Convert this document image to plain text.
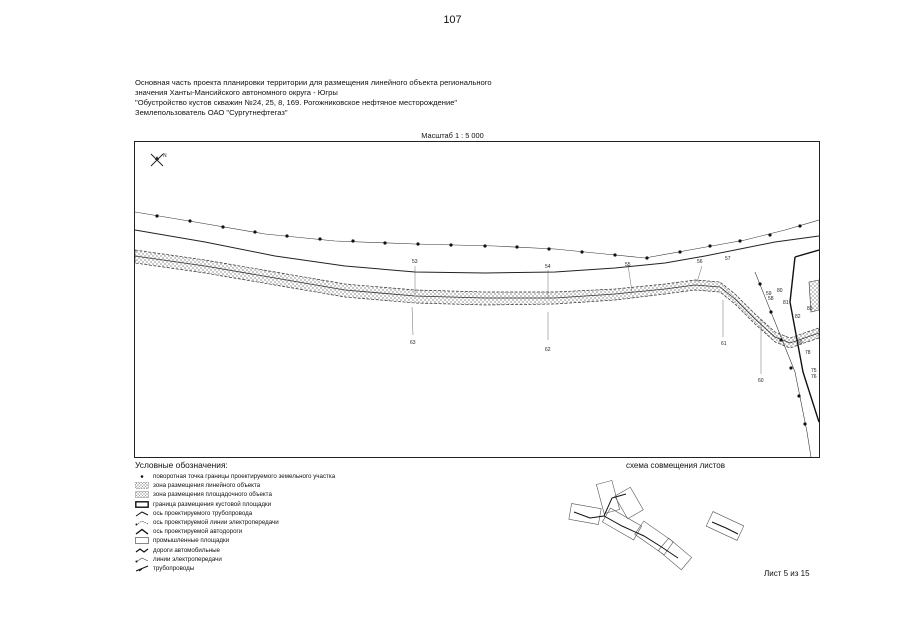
107
Основная часть проекта планировки территории для размещения линейного объекта регионального
значения Ханты-Мансийского автономного округа - Югры
"Обустройство кустов скважин №24, 25, 8, 169. Рогожниковское нефтяное месторождение"
Землепользователь ОАО "Сургутнефтегаз"
Масштаб 1 : 5 000
N
53
54	55	56	57
58
59
60
61
62
63
80
81
82
83
75
76
78
69
Условные обозначения:
поворотная точка границы проектируемого земельного участка
зона размещения линейного объекта
зона размещения площадочного объекта
граница размещения кустовой площадки
ось проектируемого трубопровода
ось проектируемой линии электропередачи
ось проектируемой автодороги
промышленные площадки
дороги автомобильные
линии электропередачи
трубопроводы
схема совмещения листов
Лист 5 из 15
